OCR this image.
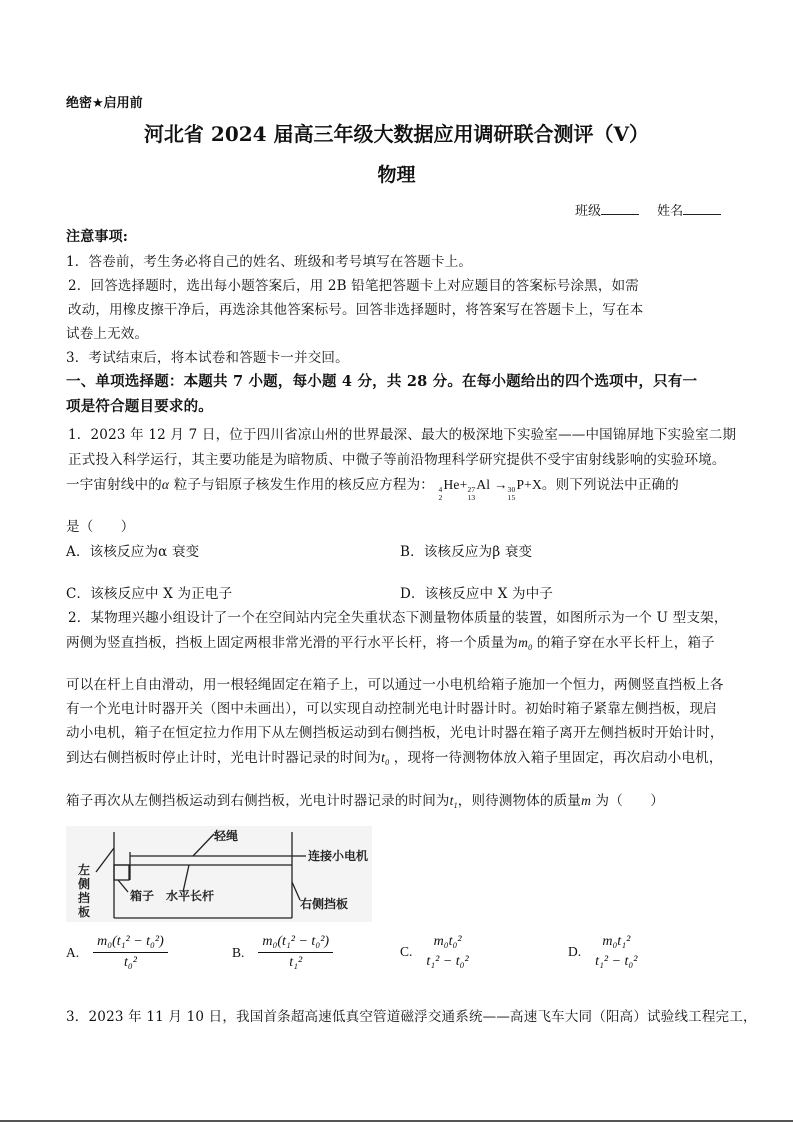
绝密★启用前
河北省 2024 届高三年级大数据应用调研联合测评（V）
物理
班级	姓名
注意事项:
1．答卷前，考生务必将自己的姓名、班级和考号填写在答题卡上。
2．回答选择题时，选出每小题答案后，用 2B 铅笔把答题卡上对应题目的答案标号涂黑，如需
改动，用橡皮擦干净后，再选涂其他答案标号。回答非选择题时，将答案写在答题卡上，写在本
试卷上无效。
3．考试结束后，将本试卷和答题卡一并交回。
一、单项选择题：本题共 7 小题，每小题 4 分，共 28 分。在每小题给出的四个选项中，只有一
项是符合题目要求的。
1．2023 年 12 月 7 日，位于四川省凉山州的世界最深、最大的极深地下实验室——中国锦屏地下实验室二期
正式投入科学运行，其主要功能是为暗物质、中微子等前沿物理科学研究提供不受宇宙射线影响的实验环境。
一宇宙射线中的α 粒子与铝原子核发生作用的核反应方程为： 4
2
He+ 27
13
Al → 30
15
P+X。则下列说法中正确的
是（　　）
A．该核反应为α 衰变	B．该核反应为β 衰变
C．该核反应中 X 为正电子	D．该核反应中 X 为中子
2．某物理兴趣小组设计了一个在空间站内完全失重状态下测量物体质量的装置，如图所示为一个 U 型支架，
两侧为竖直挡板，挡板上固定两根非常光滑的平行水平长杆，将一个质量为$m_0$ 的箱子穿在水平长杆上，箱子
可以在杆上自由滑动，用一根轻绳固定在箱子上，可以通过一小电机给箱子施加一个恒力，两侧竖直挡板上各
有一个光电计时器开关（图中未画出），可以实现自动控制光电计时器计时。初始时箱子紧靠左侧挡板，现启
动小电机，箱子在恒定拉力作用下从左侧挡板运动到右侧挡板，光电计时器在箱子离开左侧挡板时开始计时，
到达右侧挡板时停止计时，光电计时器记录的时间为$t_0$ ，现将一待测物体放入箱子里固定，再次启动小电机，
箱子再次从左侧挡板运动到右侧挡板，光电计时器记录的时间为$t_1$，则待测物体的质量m 为（　　）
轻绳
连接小电机
箱子 水平长杆
右侧挡板
左
侧
挡
板
A. $\frac{\text{m₀(t₁² − t₀²)}}{\text{t₀²}}$	B. $\frac{\text{m₀(t₁² − t₀²)}}{\text{t₁²}}$	C.
m₀t₀²
t₁² − t₀²
D.
m₀t₁²
t₁² − t₀²
3．2023 年 11 月 10 日，我国首条超高速低真空管道磁浮交通系统——高速飞车大同（阳高）试验线工程完工，
